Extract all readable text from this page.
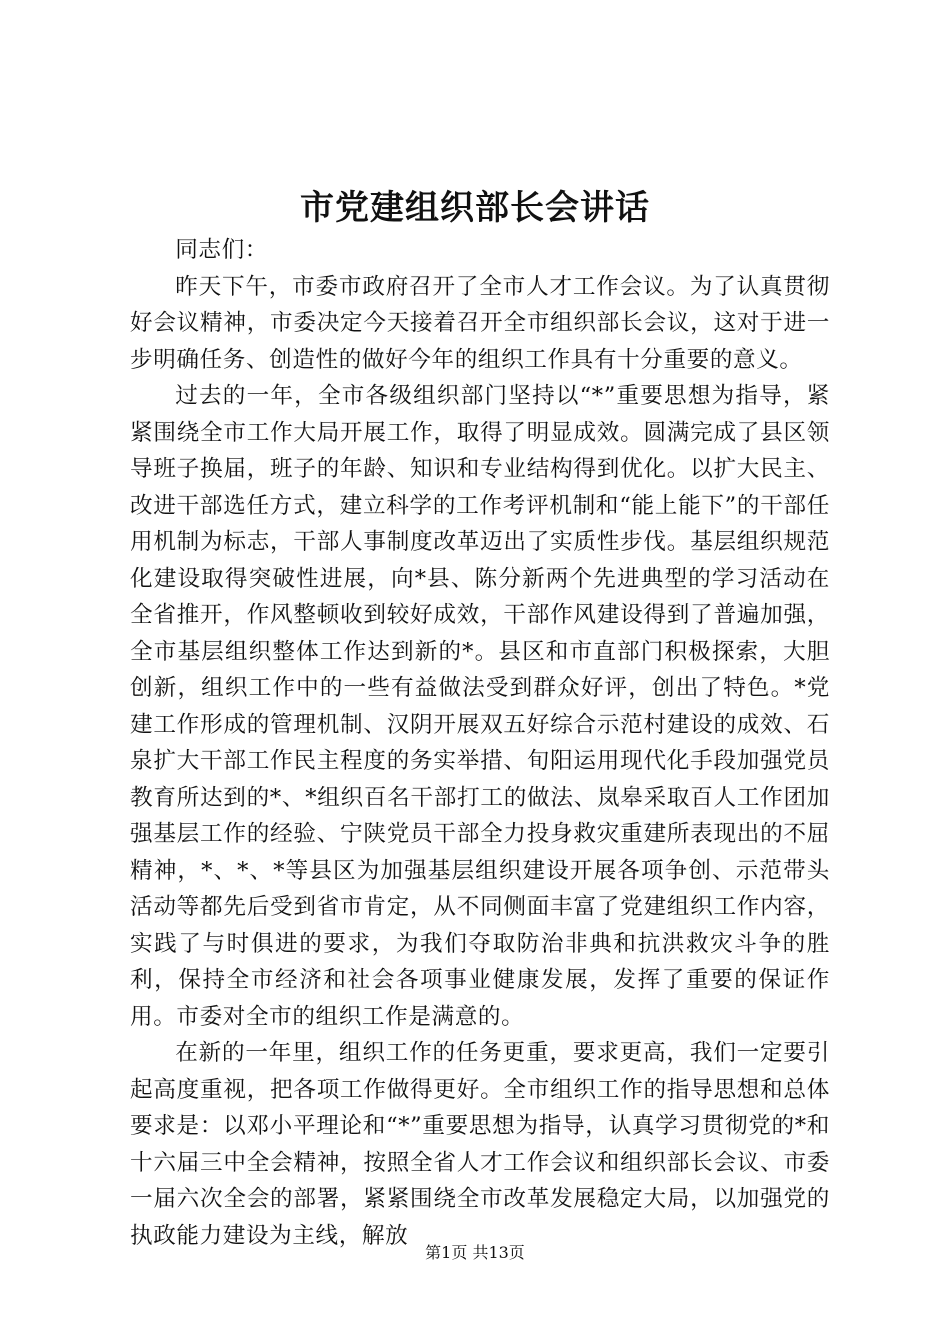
市党建组织部长会讲话

同志们：

昨天下午，市委市政府召开了全市人才工作会议。为了认真贯彻好会议精神，市委决定今天接着召开全市组织部长会议，这对于进一步明确任务、创造性的做好今年的组织工作具有十分重要的意义。

过去的一年，全市各级组织部门坚持以“*”重要思想为指导，紧紧围绕全市工作大局开展工作，取得了明显成效。圆满完成了县区领导班子换届，班子的年龄、知识和专业结构得到优化。以扩大民主、改进干部选任方式，建立科学的工作考评机制和“能上能下”的干部任用机制为标志，干部人事制度改革迈出了实质性步伐。基层组织规范化建设取得突破性进展，向*县、陈分新两个先进典型的学习活动在全省推开，作风整顿收到较好成效，干部作风建设得到了普遍加强，全市基层组织整体工作达到新的*。县区和市直部门积极探索，大胆创新，组织工作中的一些有益做法受到群众好评，创出了特色。*党建工作形成的管理机制、汉阴开展双五好综合示范村建设的成效、石泉扩大干部工作民主程度的务实举措、旬阳运用现代化手段加强党员教育所达到的*、*组织百名干部打工的做法、岚皋采取百人工作团加强基层工作的经验、宁陕党员干部全力投身救灾重建所表现出的不屈精神，*、*、*等县区为加强基层组织建设开展各项争创、示范带头活动等都先后受到省市肯定，从不同侧面丰富了党建组织工作内容，实践了与时俱进的要求，为我们夺取防治非典和抗洪救灾斗争的胜利，保持全市经济和社会各项事业健康发展，发挥了重要的保证作用。市委对全市的组织工作是满意的。

在新的一年里，组织工作的任务更重，要求更高，我们一定要引起高度重视，把各项工作做得更好。全市组织工作的指导思想和总体要求是：以邓小平理论和“*”重要思想为指导，认真学习贯彻党的*和十六届三中全会精神，按照全省人才工作会议和组织部长会议、市委一届六次全会的部署，紧紧围绕全市改革发展稳定大局，以加强党的执政能力建设为主线，解放

第1页 共13页
